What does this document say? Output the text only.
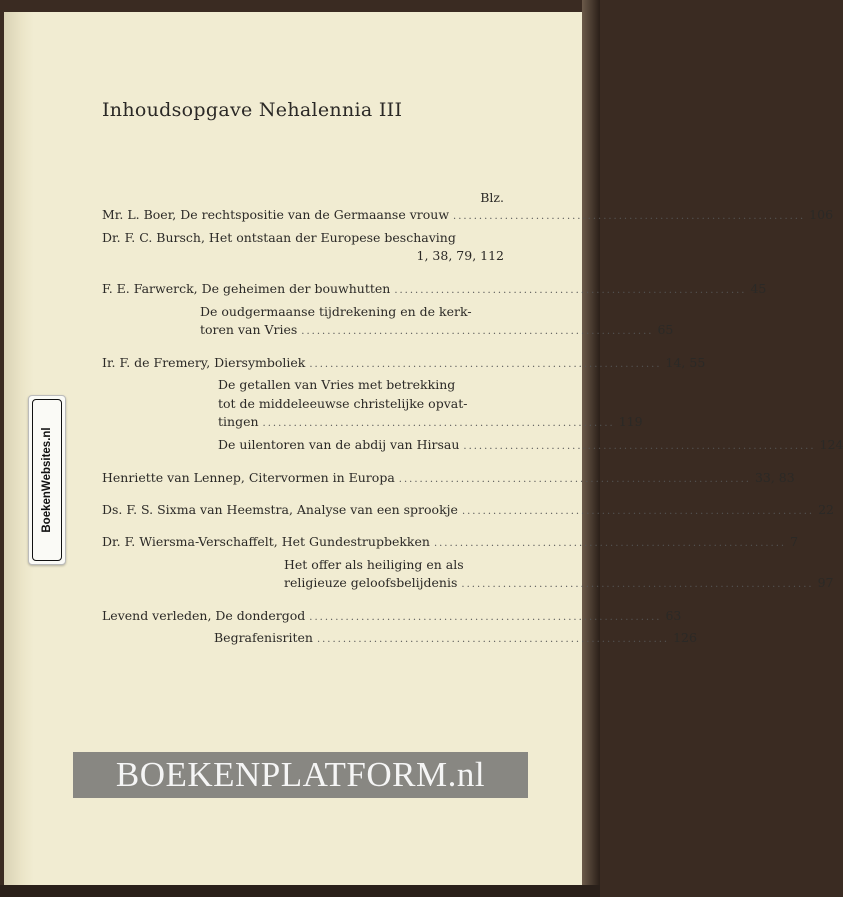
Inhoudsopgave Nehalennia III
Blz.
Mr. L. Boer, De rechtspositie van de Germaanse vrouw .................................................................... 106
Dr. F. C. Bursch, Het ontstaan der Europese beschaving
1, 38, 79, 112
F. E. Farwerck, De geheimen der bouwhutten .................................................................... 45
De oudgermaanse tijdrekening en de kerk-
toren van Vries .................................................................... 65
Ir. F. de Fremery, Diersymboliek .................................................................... 14, 55
De getallen van Vries met betrekking
tot de middeleeuwse christelijke opvat-
tingen .................................................................... 119
De uilentoren van de abdij van Hirsau .................................................................... 124
Henriette van Lennep, Citervormen in Europa .................................................................... 33, 83
Ds. F. S. Sixma van Heemstra, Analyse van een sprookje .................................................................... 22
Dr. F. Wiersma-Verschaffelt, Het Gundestrupbekken .................................................................... 7
Het offer als heiliging en als
religieuze geloofsbelijdenis .................................................................... 97
Levend verleden, De dondergod .................................................................... 63
Begrafenisriten .................................................................... 126
BoekenWebsites.nl
BOEKENPLATFORM.nl
